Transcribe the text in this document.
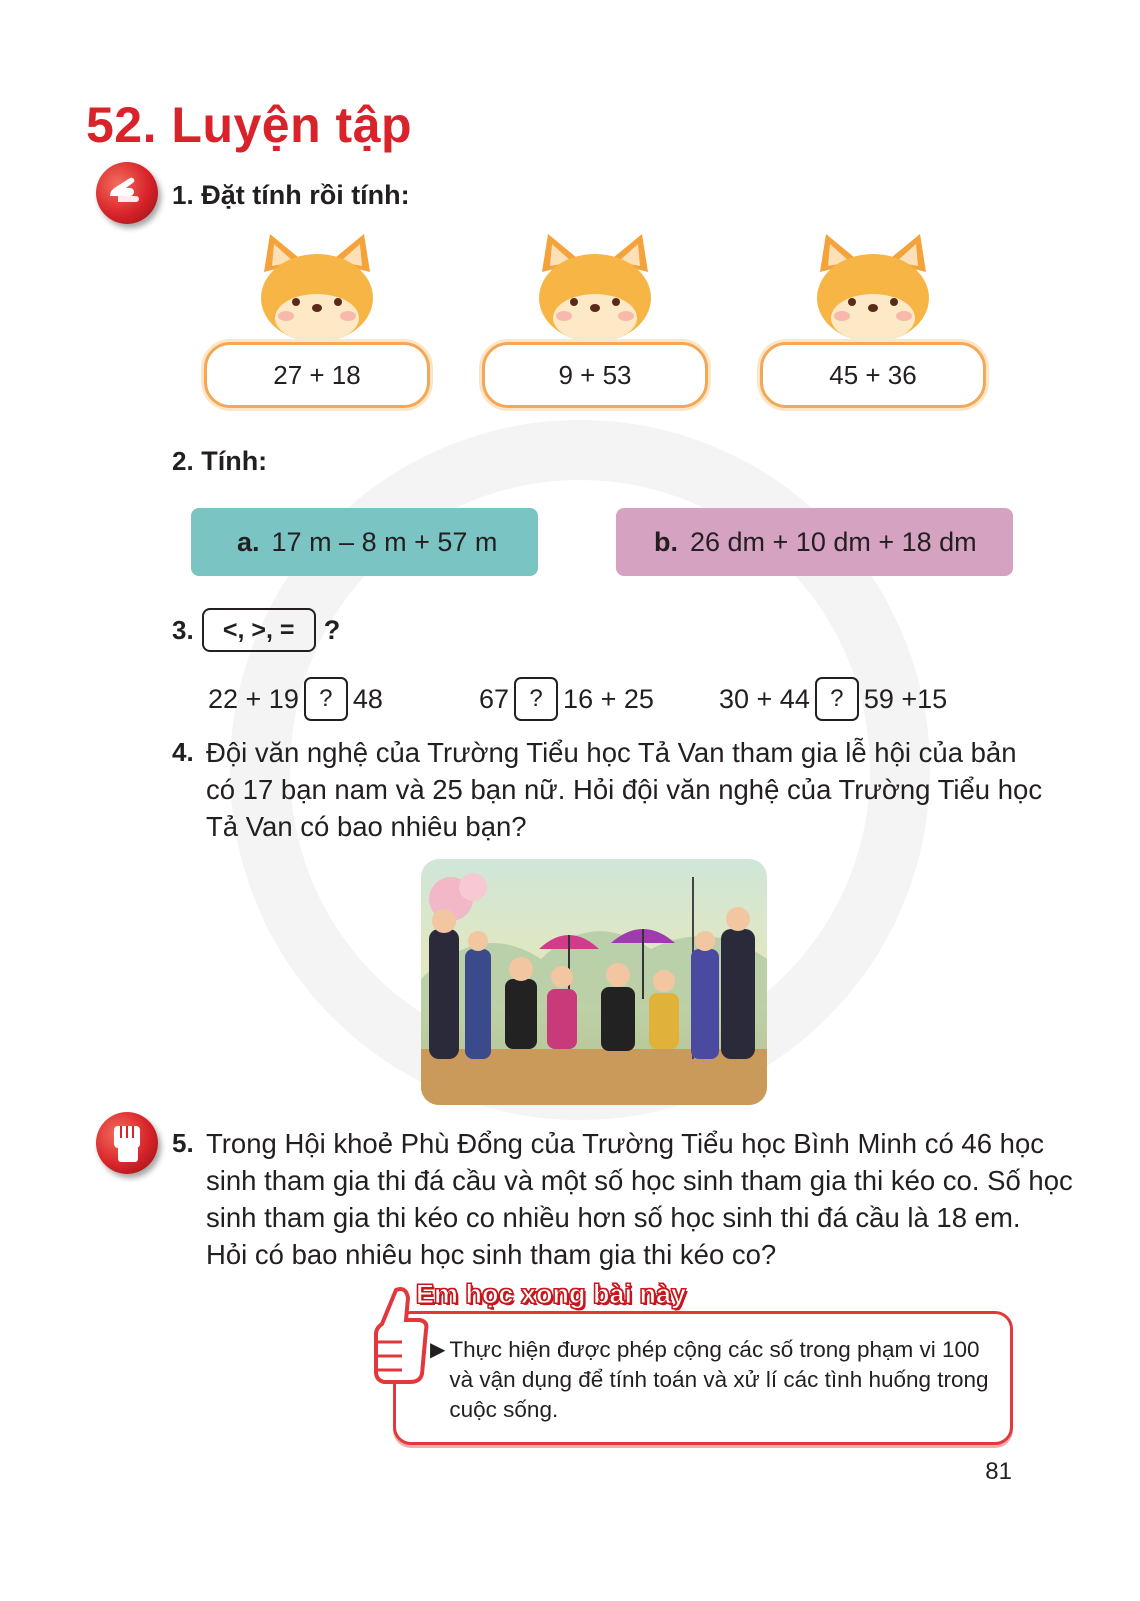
52. Luyện tập
1. Đặt tính rồi tính:
27 + 18	9 + 53	45 + 36
2. Tính:
a. 17 m – 8 m + 57 m	b. 26 dm + 10 dm + 18 dm
3.	<, >, =	?
22 + 19 ? 48	67 ? 16 + 25 30 + 44 ? 59 +15
4. Đội văn nghệ của Trường Tiểu học Tả Van tham gia lễ hội của bản
có 17 bạn nam và 25 bạn nữ. Hỏi đội văn nghệ của Trường Tiểu học
Tả Van có bao nhiêu bạn?
5. Trong Hội khoẻ Phù Đổng của Trường Tiểu học Bình Minh có 46 học
sinh tham gia thi đá cầu và một số học sinh tham gia thi kéo co. Số học
sinh tham gia thi kéo co nhiều hơn số học sinh thi đá cầu là 18 em.
Hỏi có bao nhiêu học sinh tham gia thi kéo co?
Em học xong bài này
▶ Thực hiện được phép cộng các số trong phạm vi 100
và vận dụng để tính toán và xử lí các tình huống trong
cuộc sống.
81
